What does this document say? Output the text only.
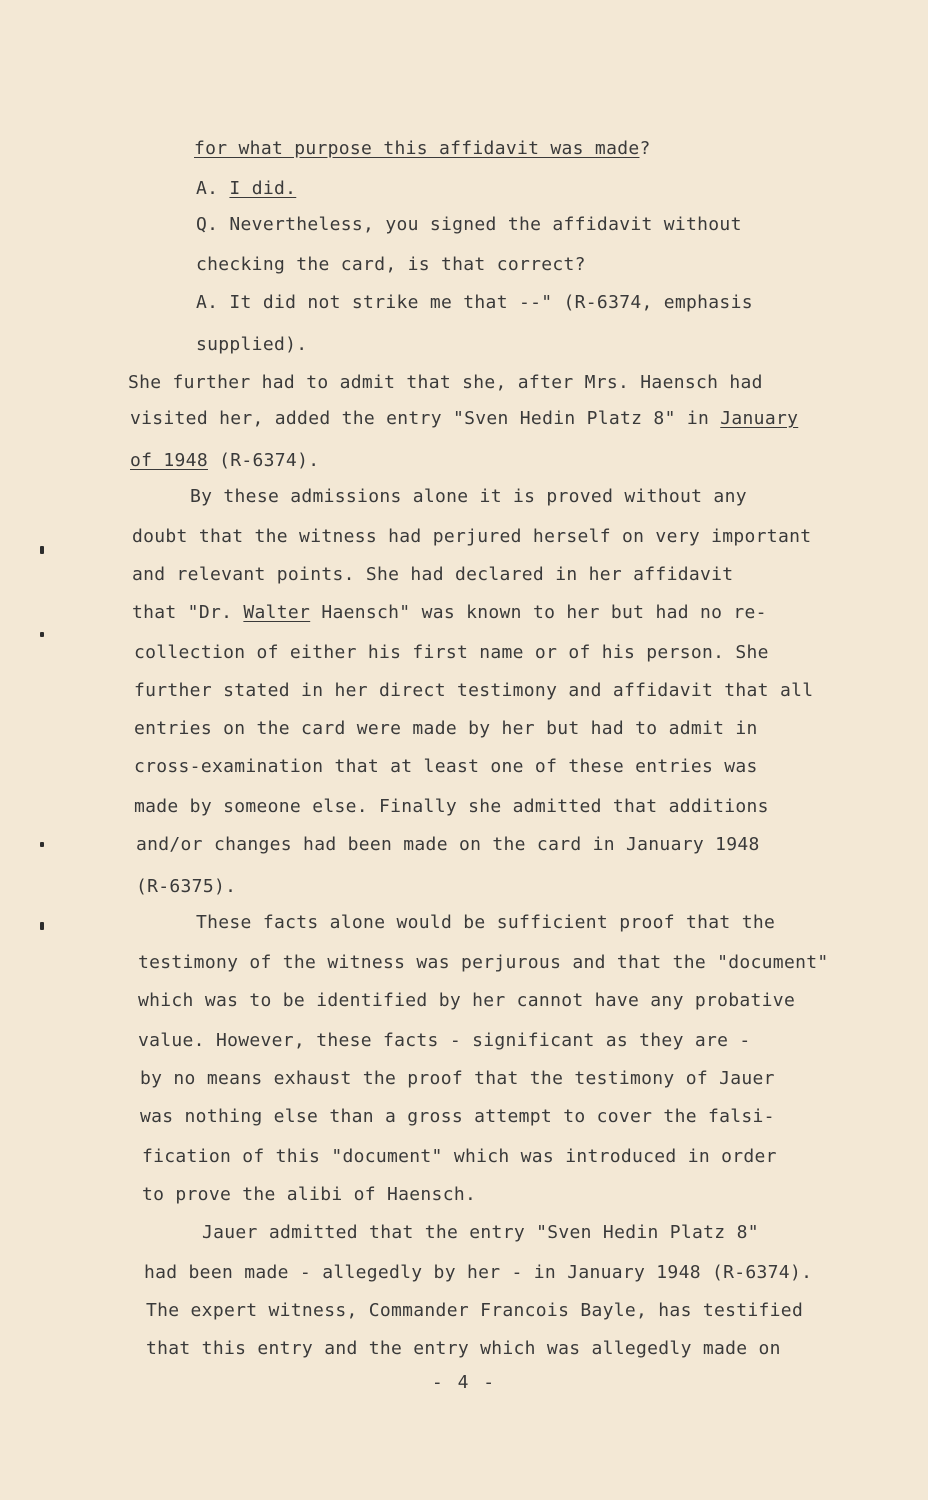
for what purpose this affidavit was made?
A. I did.
Q. Nevertheless, you signed the affidavit without
checking the card, is that correct?
A. It did not strike me that --" (R-6374, emphasis
supplied).
She further had to admit that she, after Mrs. Haensch had
visited her, added the entry "Sven Hedin Platz 8" in January
of 1948 (R-6374).
By these admissions alone it is proved without any
doubt that the witness had perjured herself on very important
and relevant points. She had declared in her affidavit
that "Dr. Walter Haensch" was known to her but had no re-
collection of either his first name or of his person. She
further stated in her direct testimony and affidavit that all
entries on the card were made by her but had to admit in
cross-examination that at least one of these entries was
made by someone else. Finally she admitted that additions
and/or changes had been made on the card in January 1948
(R-6375).
These facts alone would be sufficient proof that the
testimony of the witness was perjurous and that the "document"
which was to be identified by her cannot have any probative
value. However, these facts - significant as they are -
by no means exhaust the proof that the testimony of Jauer
was nothing else than a gross attempt to cover the falsi-
fication of this "document" which was introduced in order
to prove the alibi of Haensch.
Jauer admitted that the entry "Sven Hedin Platz 8"
had been made - allegedly by her - in January 1948 (R-6374).
The expert witness, Commander Francois Bayle, has testified
that this entry and the entry which was allegedly made on
- 4 -
